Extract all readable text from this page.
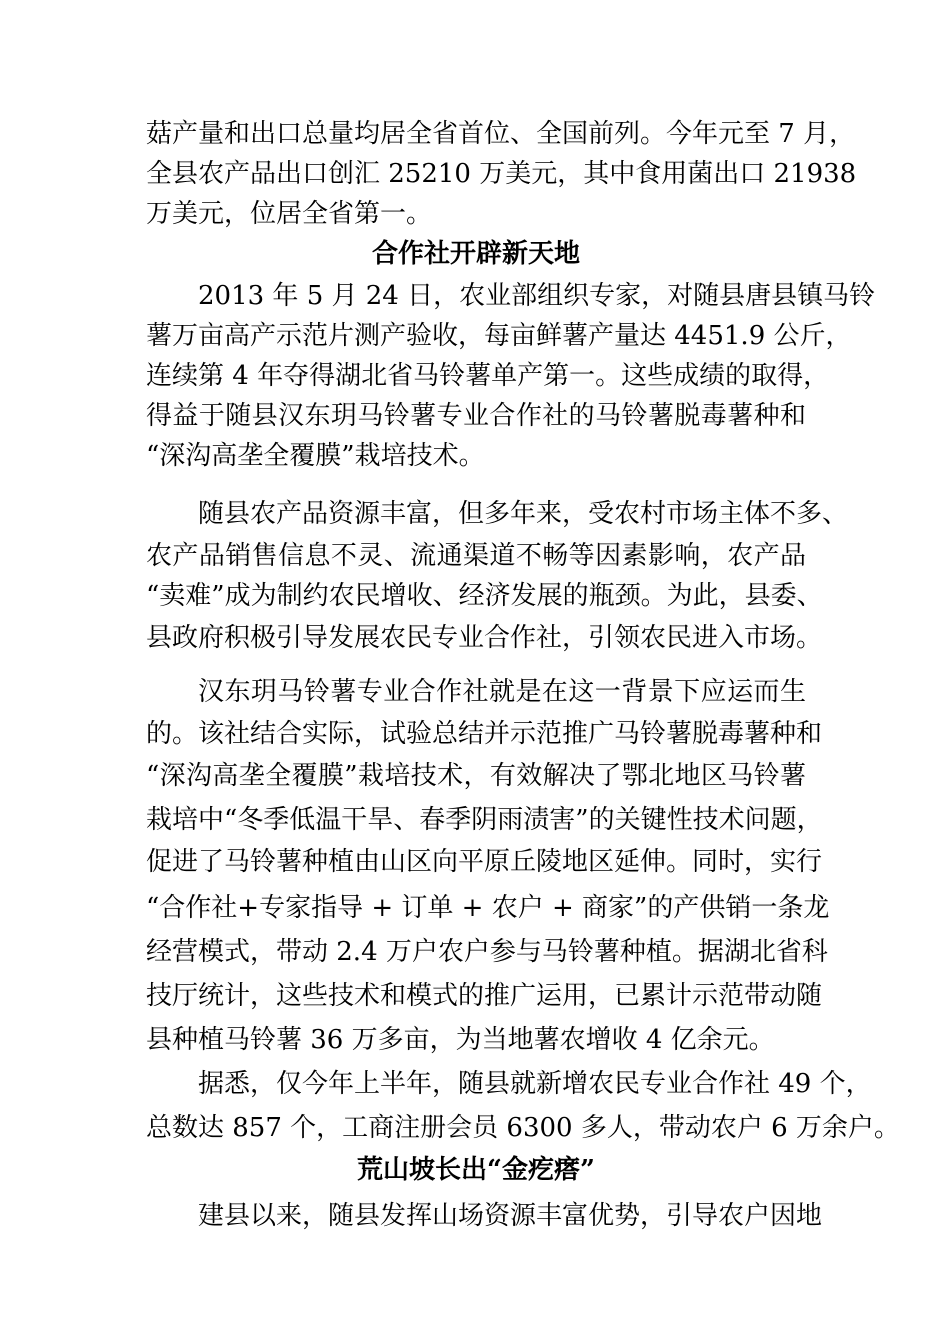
菇产量和出口总量均居全省首位、全国前列。今年元至 7 月，
全县农产品出口创汇 25210 万美元，其中食用菌出口 21938
万美元，位居全省第一。
合作社开辟新天地
2013 年 5 月 24 日，农业部组织专家，对随县唐县镇马铃
薯万亩高产示范片测产验收，每亩鲜薯产量达 4451.9 公斤，
连续第 4 年夺得湖北省马铃薯单产第一。这些成绩的取得，
得益于随县汉东玥马铃薯专业合作社的马铃薯脱毒薯种和
“深沟高垄全覆膜”栽培技术。
随县农产品资源丰富，但多年来，受农村市场主体不多、
农产品销售信息不灵、流通渠道不畅等因素影响，农产品
“卖难”成为制约农民增收、经济发展的瓶颈。为此，县委、
县政府积极引导发展农民专业合作社，引领农民进入市场。
汉东玥马铃薯专业合作社就是在这一背景下应运而生
的。该社结合实际，试验总结并示范推广马铃薯脱毒薯种和
“深沟高垄全覆膜”栽培技术，有效解决了鄂北地区马铃薯
栽培中“冬季低温干旱、春季阴雨渍害”的关键性技术问题，
促进了马铃薯种植由山区向平原丘陵地区延伸。同时，实行
“合作社+专家指导 + 订单 + 农户 + 商家”的产供销一条龙
经营模式，带动 2.4 万户农户参与马铃薯种植。据湖北省科
技厅统计，这些技术和模式的推广运用，已累计示范带动随
县种植马铃薯 36 万多亩，为当地薯农增收 4 亿余元。
据悉，仅今年上半年，随县就新增农民专业合作社 49 个，
总数达 857 个，工商注册会员 6300 多人，带动农户 6 万余户。
荒山坡长出“金疙瘩”
建县以来，随县发挥山场资源丰富优势，引导农户因地
